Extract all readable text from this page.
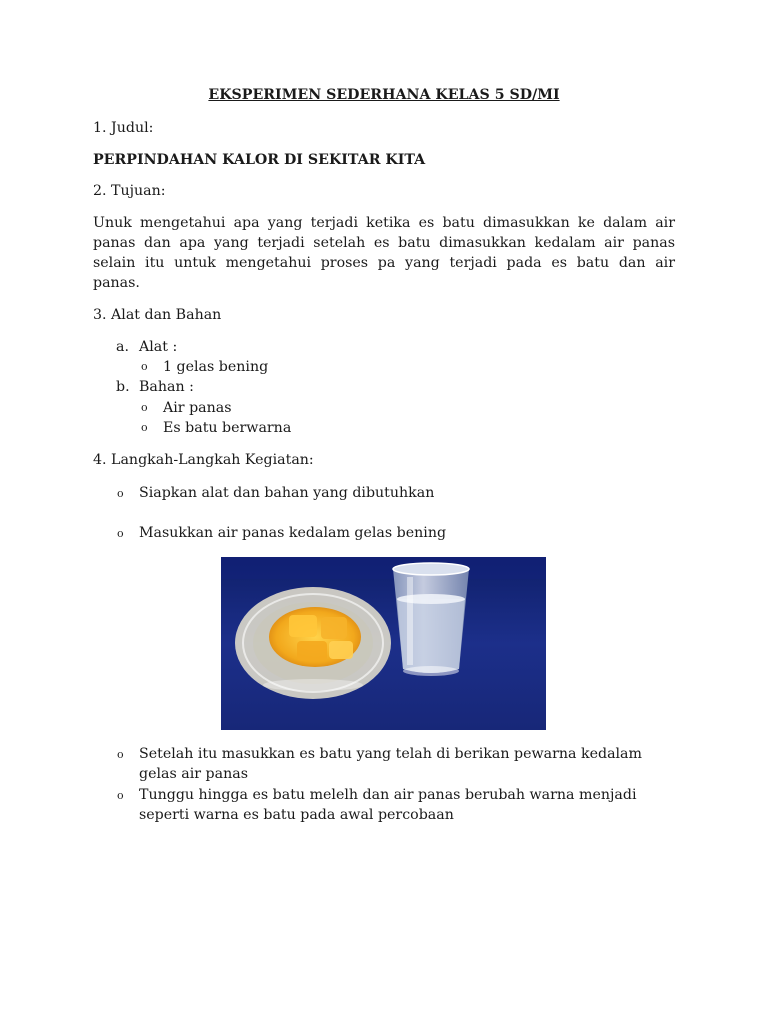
EKSPERIMEN SEDERHANA KELAS 5 SD/MI
1. Judul:
PERPINDAHAN KALOR DI SEKITAR KITA
2. Tujuan:
Unuk mengetahui apa yang terjadi ketika es batu dimasukkan ke dalam air
panas dan apa yang terjadi setelah es batu dimasukkan kedalam air panas
selain itu untuk mengetahui proses pa yang terjadi pada es batu dan air
panas.
3. Alat dan Bahan
a. Alat :
o 1 gelas bening
b. Bahan :
o Air panas
o Es batu berwarna
4. Langkah-Langkah Kegiatan:
o Siapkan alat dan bahan yang dibutuhkan
o Masukkan air panas kedalam gelas bening
o Setelah itu masukkan es batu yang telah di berikan pewarna kedalam
gelas air panas
o Tunggu hingga es batu melelh dan air panas berubah warna menjadi
seperti warna es batu pada awal percobaan
